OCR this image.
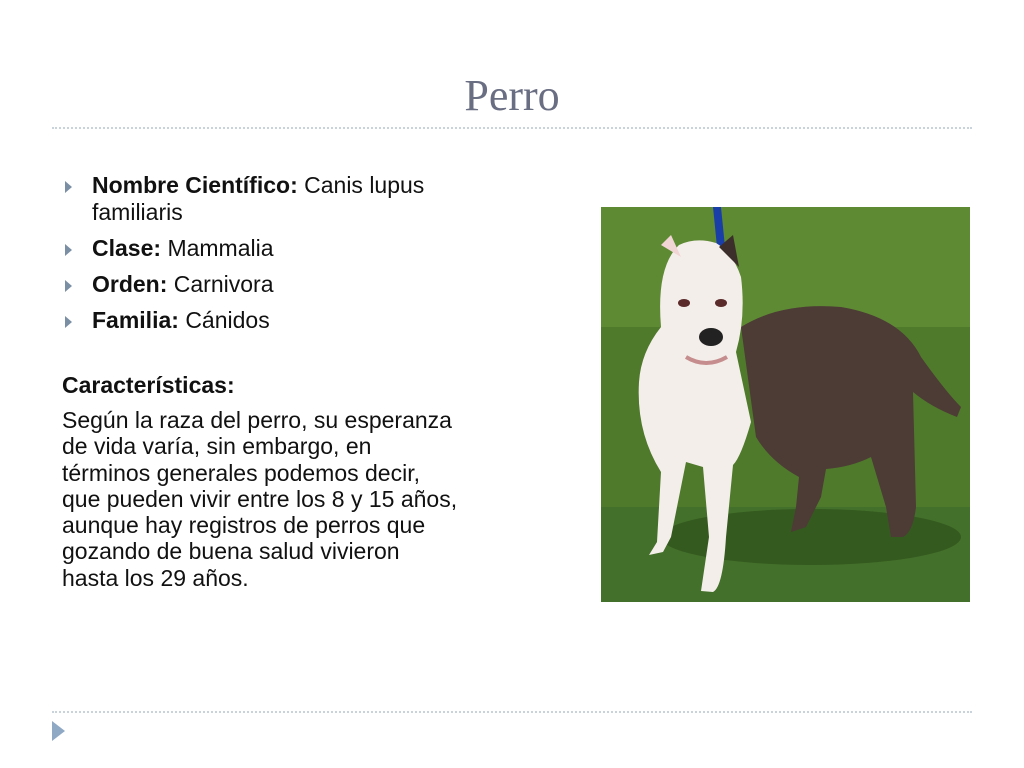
Perro
Nombre Científico: Canis lupus familiaris
Clase: Mammalia
Orden: Carnivora
Familia: Cánidos
Características:
Según la raza del perro, su esperanza de vida varía, sin embargo, en términos generales podemos decir, que pueden vivir entre los 8 y 15 años, aunque hay registros de perros que gozando de buena salud vivieron hasta los 29 años.
